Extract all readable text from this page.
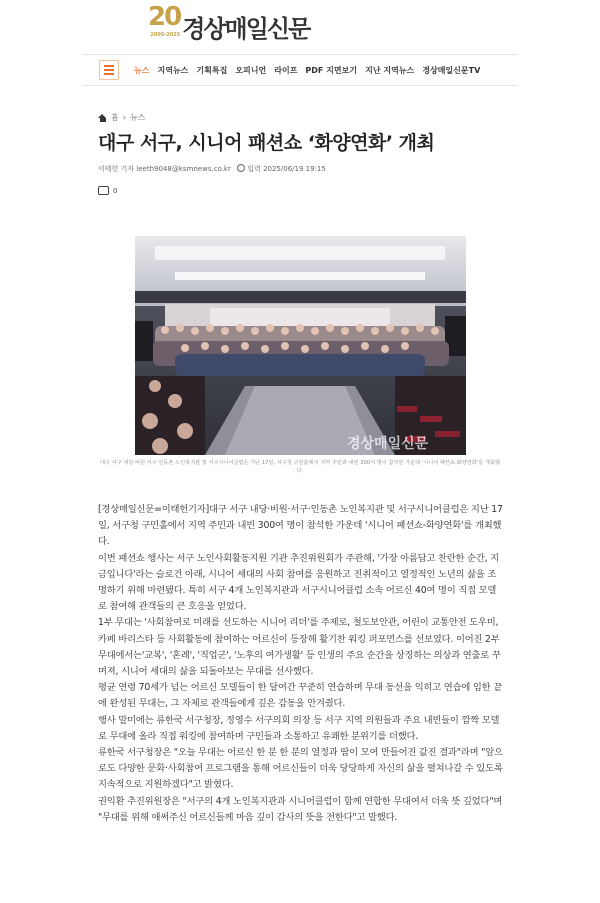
20
2005-2025 경상매일신문
뉴스 지역뉴스 기획특집 오피니언 라이프 PDF 지면보기 지난 지역뉴스 경상매일신문TV
홈 › 뉴스
대구 서구, 시니어 패션쇼 ‘화양연화’ 개최
이태헌 기자 leeth9048@ksmnews.co.kr 입력 2025/06/19 19:15
0
경상매일신문
대구 서구 내당·비원·서구·인동촌 노인복지관 및 서구시니어클럽은 지난 17일, 서구청 구민홀에서 지역 주민과 내빈 300여 명이 참석한 가운데 '시니어 패션쇼-화양연화'를 개최했다.

[경상매일신문=이태헌기자]대구 서구 내당·비원·서구·인동촌 노인복지관 및 서구시니어클럽은 지난 17일, 서구청 구민홀에서 지역 주민과 내빈 300여 명이 참석한 가운데 '시니어 패션쇼-화양연화'를 개최했다.

이번 패션쇼 행사는 서구 노인사회활동지원 기관 추진위원회가 주관해, '가장 아름답고 찬란한 순간, 지금입니다'라는 슬로건 아래, 시니어 세대의 사회 참여를 응원하고 진취적이고 열정적인 노년의 삶을 조명하기 위해 마련됐다. 특히 서구 4개 노인복지관과 서구시니어클럽 소속 어르신 40여 명이 직접 모델로 참여해 관객들의 큰 호응을 얻었다.

1부 무대는 '사회참여로 미래를 선도하는 시니어 리더'를 주제로, 철도보안관, 어린이 교통안전 도우미, 카페 바리스타 등 사회활동에 참여하는 어르신이 등장해 활기찬 워킹 퍼포먼스를 선보였다. 이어진 2부 무대에서는'교복', '혼례', '직업군', '노후의 여가생활' 등 인생의 주요 순간을 상징하는 의상과 연출로 꾸며져, 시니어 세대의 삶을 되돌아보는 무대를 선사했다.

평균 연령 70세가 넘는 어르신 모델들이 한 달여간 꾸준히 연습하며 무대 동선을 익히고 연습에 임한 끝에 완성된 무대는, 그 자체로 관객들에게 깊은 감동을 안겨줬다.

행사 말미에는 류한국 서구청장, 정영수 서구의회 의장 등 서구 지역 의원들과 주요 내빈들이 깜짝 모델로 무대에 올라 직접 워킹에 참여하며 구민들과 소통하고 유쾌한 분위기를 더했다.

류한국 서구청장은 "오늘 무대는 어르신 한 분 한 분의 열정과 땀이 모여 만들어진 값진 결과"라며 "앞으로도 다양한 문화·사회참여 프로그램을 통해 어르신들이 더욱 당당하게 자신의 삶을 펼쳐나갈 수 있도록 지속적으로 지원하겠다"고 밝혔다.

권익환 추진위원장은 "서구의 4개 노인복지관과 시니어클럽이 함께 연합한 무대여서 더욱 뜻 깊었다"며 "무대를 위해 애써주신 어르신들께 마음 깊이 감사의 뜻을 전한다"고 말했다.
